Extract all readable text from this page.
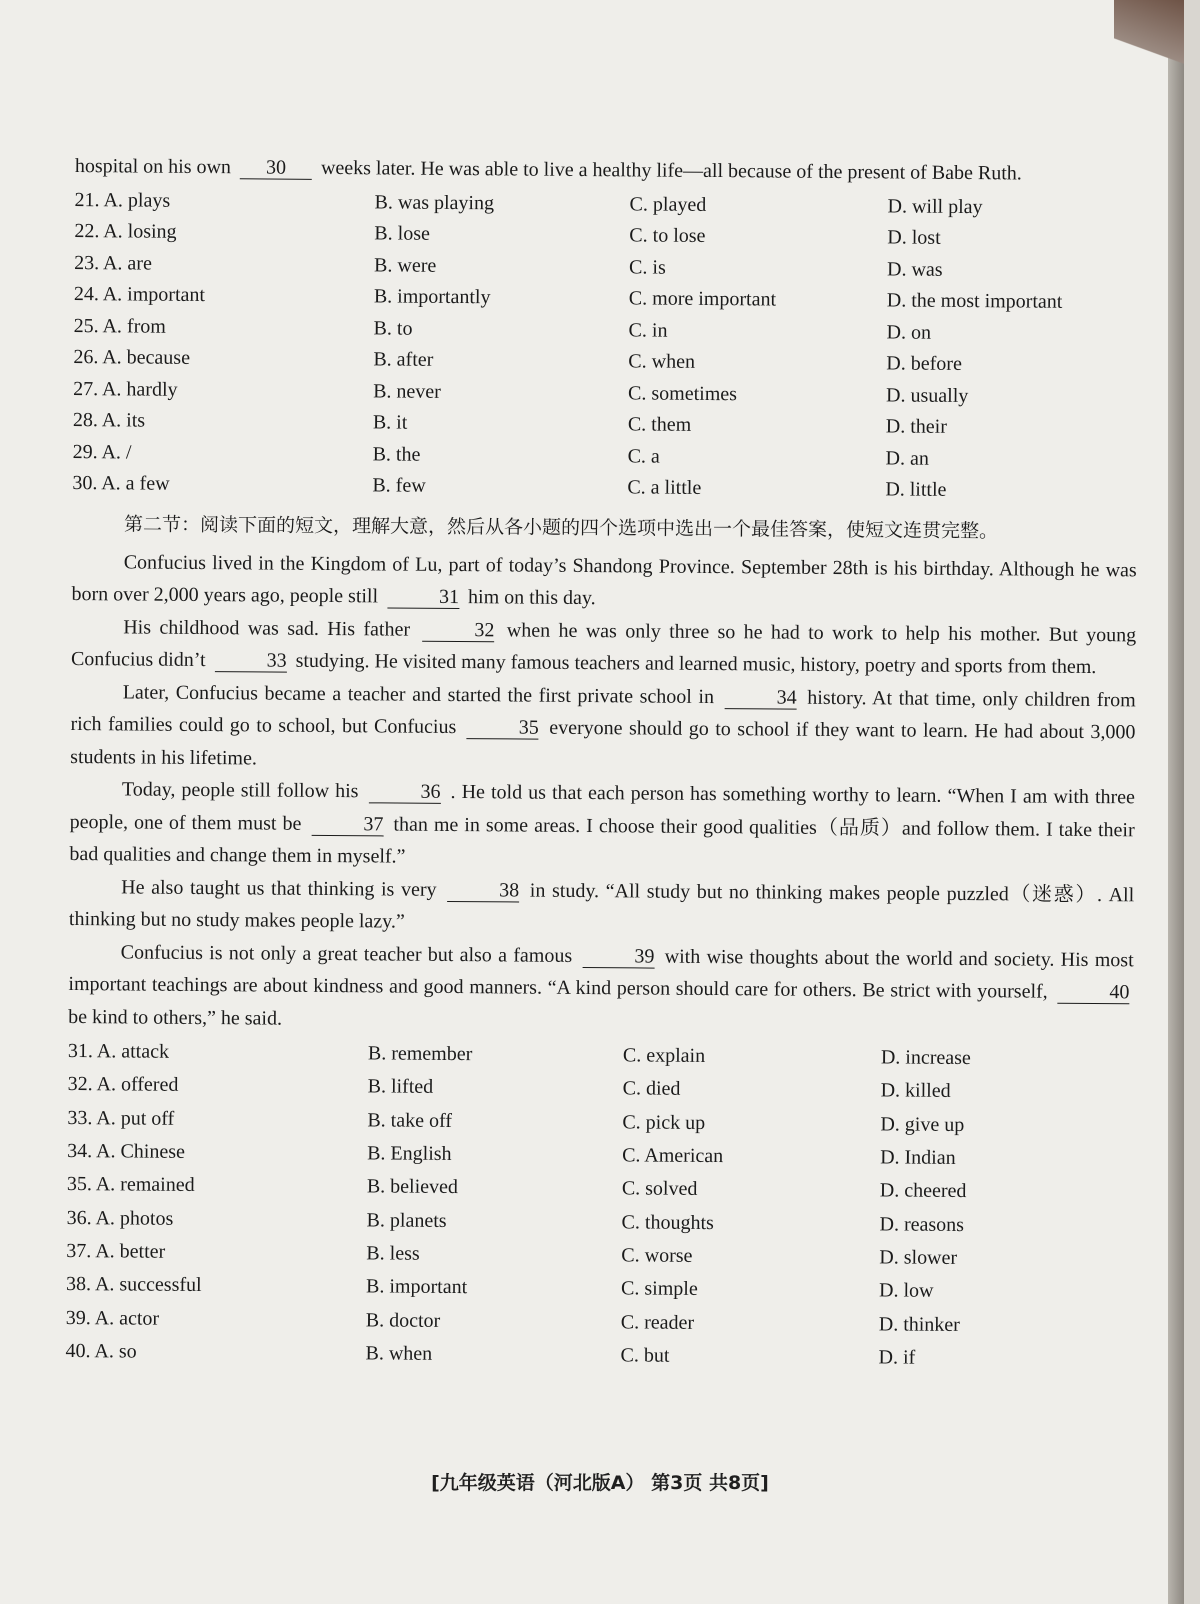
hospital on his own 30 weeks later. He was able to live a healthy life—all because of the present of Babe Ruth.

21. A. plays	B. was playing	C. played	D. will play
22. A. losing	B. lose	C. to lose	D. lost
23. A. are	B. were	C. is	D. was
24. A. important	B. importantly	C. more important	D. the most important
25. A. from	B. to	C. in	D. on
26. A. because	B. after	C. when	D. before
27. A. hardly	B. never	C. sometimes	D. usually
28. A. its	B. it	C. them	D. their
29. A. /	B. the	C. a	D. an
30. A. a few	B. few	C. a little	D. little
第二节：阅读下面的短文，理解大意，然后从各小题的四个选项中选出一个最佳答案，使短文连贯完整。

Confucius lived in the Kingdom of Lu, part of today’s Shandong Province. September 28th is his birthday. Although he was born over 2,000 years ago, people still	31 him on this day.

His childhood was sad. His father	32 when he was only three so he had to work to help his mother. But young Confucius didn’t	33 studying. He visited many famous teachers and learned music, history, poetry and sports from them.

Later, Confucius became a teacher and started the first private school in	34 history. At that time, only children from rich families could go to school, but Confucius	35 everyone should go to school if they want to learn. He had about 3,000 students in his lifetime.

Today, people still follow his	36 . He told us that each person has something worthy to learn. “When I am with three people, one of them must be	37 than me in some areas. I choose their good qualities（品质）and follow them. I take their bad qualities and change them in myself.”

He also taught us that thinking is very	38 in study. “All study but no thinking makes people puzzled（迷惑）. All thinking but no study makes people lazy.”

Confucius is not only a great teacher but also a famous	39 with wise thoughts about the world and society. His most important teachings are about kindness and good manners. “A kind person should care for others. Be strict with yourself,	40 be kind to others,” he said.

31. A. attack	B. remember	C. explain	D. increase
32. A. offered	B. lifted	C. died	D. killed
33. A. put off	B. take off	C. pick up	D. give up
34. A. Chinese	B. English	C. American	D. Indian
35. A. remained	B. believed	C. solved	D. cheered
36. A. photos	B. planets	C. thoughts	D. reasons
37. A. better	B. less	C. worse	D. slower
38. A. successful	B. important	C. simple	D. low
39. A. actor	B. doctor	C. reader	D. thinker
40. A. so	B. when	C. but	D. if
[九年级英语（河北版A） 第3页 共8页]
